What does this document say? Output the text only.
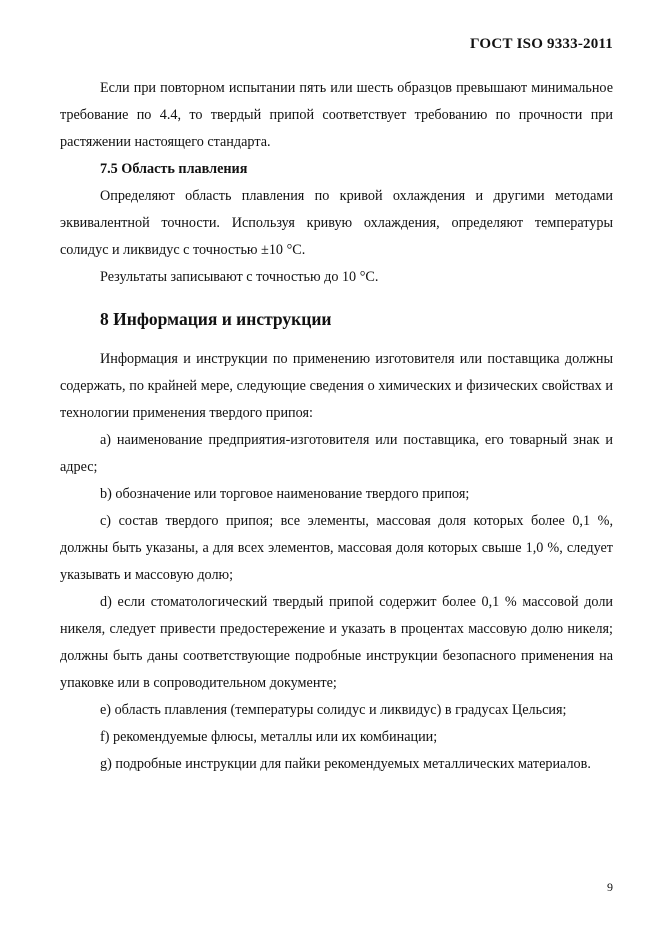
ГОСТ ISO 9333-2011

Если при повторном испытании пять или шесть образцов превышают минимальное требование по 4.4, то твердый припой соответствует требованию по прочности при растяжении настоящего стандарта.

7.5 Область плавления

Определяют область плавления по кривой охлаждения и другими методами эквивалентной точности. Используя кривую охлаждения, определяют температуры солидус и ликвидус с точностью ±10 °С.

Результаты записывают с точностью до 10 °С.

8 Информация и инструкции

Информация и инструкции по применению изготовителя или поставщика должны содержать, по крайней мере, следующие сведения о химических и физических свойствах и технологии применения твердого припоя:

а) наименование предприятия-изготовителя или поставщика, его товарный знак и адрес;

b) обозначение или торговое наименование твердого припоя;

c) состав твердого припоя; все элементы, массовая доля которых более 0,1 %, должны быть указаны, а для всех элементов, массовая доля которых свыше 1,0 %, следует указывать и массовую долю;

d) если стоматологический твердый припой содержит более 0,1 % массовой доли никеля, следует привести предостережение и указать в процентах массовую долю никеля; должны быть даны соответствующие подробные инструкции безопасного применения на упаковке или в сопроводительном документе;

е) область плавления (температуры солидус и ликвидус) в градусах Цельсия;

f) рекомендуемые флюсы, металлы или их комбинации;

g) подробные инструкции для пайки рекомендуемых металлических материалов.

9
